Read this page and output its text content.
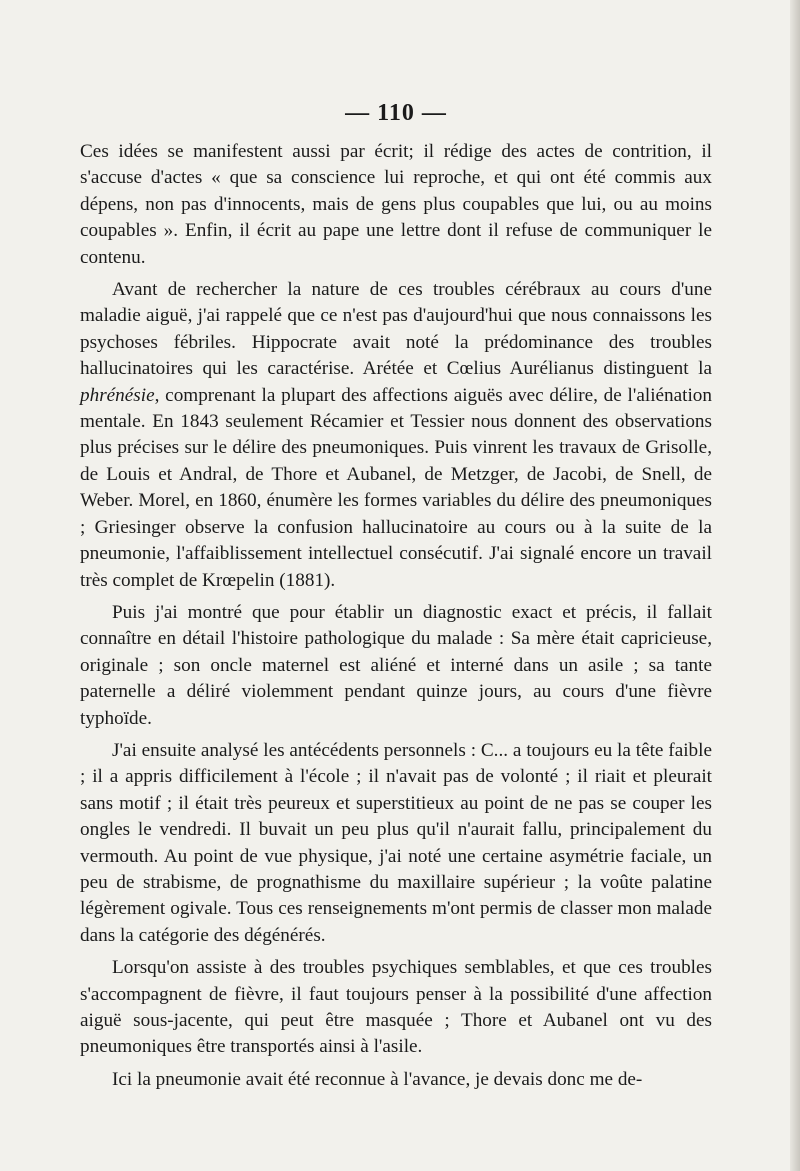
— 110 —

Ces idées se manifestent aussi par écrit; il rédige des actes de contrition, il s'accuse d'actes « que sa conscience lui reproche, et qui ont été commis aux dépens, non pas d'innocents, mais de gens plus coupables que lui, ou au moins coupables ». Enfin, il écrit au pape une lettre dont il refuse de communiquer le contenu.

Avant de rechercher la nature de ces troubles cérébraux au cours d'une maladie aiguë, j'ai rappelé que ce n'est pas d'aujourd'hui que nous connaissons les psychoses fébriles. Hippocrate avait noté la prédominance des troubles hallucinatoires qui les caractérise. Arétée et Cœlius Aurélianus distinguent la phrénésie, comprenant la plupart des affections aiguës avec délire, de l'aliénation mentale. En 1843 seulement Récamier et Tessier nous donnent des observations plus précises sur le délire des pneumoniques. Puis vinrent les travaux de Grisolle, de Louis et Andral, de Thore et Aubanel, de Metzger, de Jacobi, de Snell, de Weber. Morel, en 1860, énumère les formes variables du délire des pneumoniques ; Griesinger observe la confusion hallucinatoire au cours ou à la suite de la pneumonie, l'affaiblissement intellectuel consécutif. J'ai signalé encore un travail très complet de Krœpelin (1881).

Puis j'ai montré que pour établir un diagnostic exact et précis, il fallait connaître en détail l'histoire pathologique du malade : Sa mère était capricieuse, originale ; son oncle maternel est aliéné et interné dans un asile ; sa tante paternelle a déliré violemment pendant quinze jours, au cours d'une fièvre typhoïde.

J'ai ensuite analysé les antécédents personnels : C... a toujours eu la tête faible ; il a appris difficilement à l'école ; il n'avait pas de volonté ; il riait et pleurait sans motif ; il était très peureux et superstitieux au point de ne pas se couper les ongles le vendredi. Il buvait un peu plus qu'il n'aurait fallu, principalement du vermouth. Au point de vue physique, j'ai noté une certaine asymétrie faciale, un peu de strabisme, de prognathisme du maxillaire supérieur ; la voûte palatine légèrement ogivale. Tous ces renseignements m'ont permis de classer mon malade dans la catégorie des dégénérés.

Lorsqu'on assiste à des troubles psychiques semblables, et que ces troubles s'accompagnent de fièvre, il faut toujours penser à la possibilité d'une affection aiguë sous-jacente, qui peut être masquée ; Thore et Aubanel ont vu des pneumoniques être transportés ainsi à l'asile.

Ici la pneumonie avait été reconnue à l'avance, je devais donc me de-
